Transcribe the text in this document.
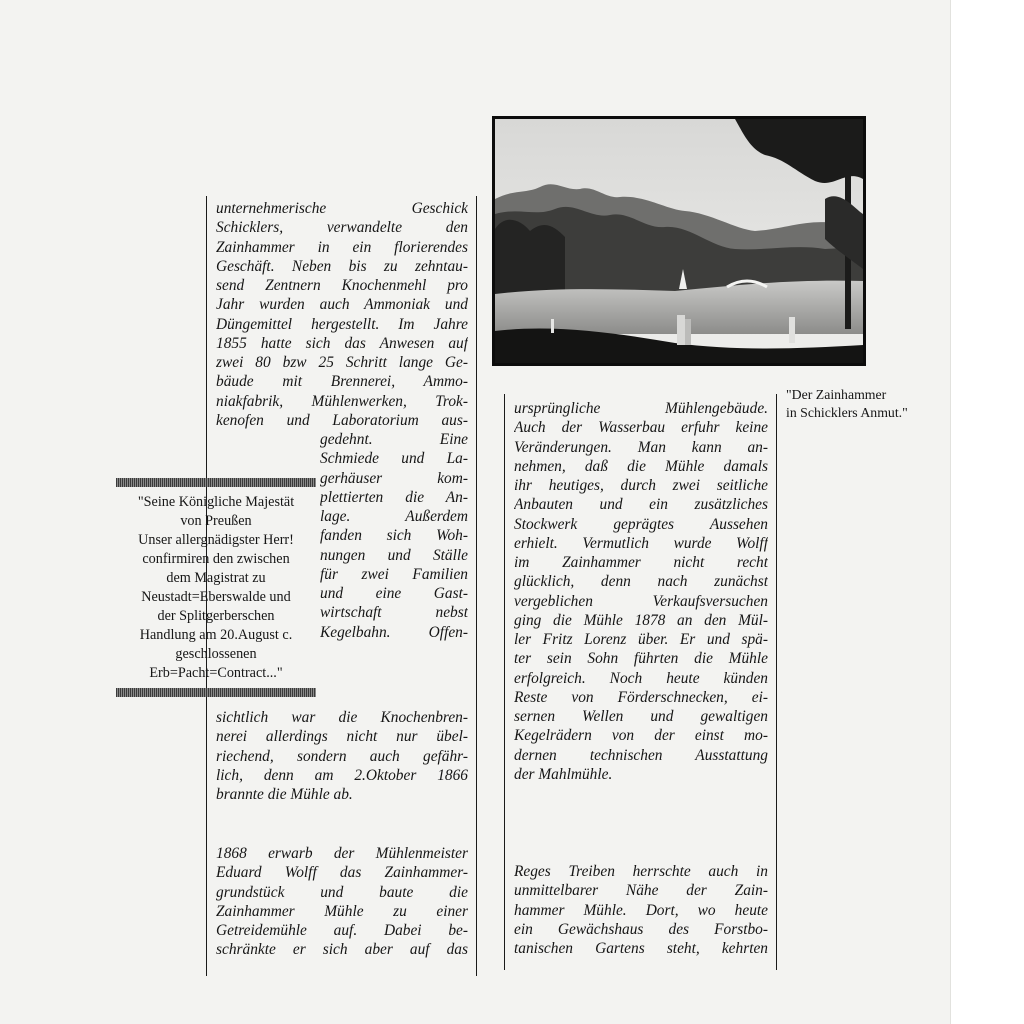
unternehmerische Geschick
Schicklers, verwandelte den
Zainhammer in ein florierendes
Geschäft. Neben bis zu zehntau-
send Zentnern Knochenmehl pro
Jahr wurden auch Ammoniak und
Düngemittel hergestellt. Im Jahre
1855 hatte sich das Anwesen auf
zwei 80 bzw 25 Schritt lange Ge-
bäude mit Brennerei, Ammo-
niakfabrik, Mühlenwerken, Trok-
kenofen und Laboratorium aus-
gedehnt. Eine
Schmiede und La-
gerhäuser kom-
plettierten die An-
lage. Außerdem
fanden sich Woh-
nungen und Ställe
für zwei Familien
und eine Gast-
wirtschaft nebst
Kegelbahn. Offen-
sichtlich war die Knochenbren-
nerei allerdings nicht nur übel-
riechend, sondern auch gefähr-
lich, denn am 2.Oktober 1866
brannte die Mühle ab.
1868 erwarb der Mühlenmeister
Eduard Wolff das Zainhammer-
grundstück und baute die
Zainhammer Mühle zu einer
Getreidemühle auf. Dabei be-
schränkte er sich aber auf das
"Seine Königliche Majestät
von Preußen
Unser allergnädigster Herr!
confirmiren den zwischen
dem Magistrat zu
Neustadt=Eberswalde und
der Splitgerberschen
Handlung am 20.August c.
geschlossenen
Erb=Pacht=Contract..."
ursprüngliche Mühlengebäude.
Auch der Wasserbau erfuhr keine
Veränderungen. Man kann an-
nehmen, daß die Mühle damals
ihr heutiges, durch zwei seitliche
Anbauten und ein zusätzliches
Stockwerk geprägtes Aussehen
erhielt. Vermutlich wurde Wolff
im Zainhammer nicht recht
glücklich, denn nach zunächst
vergeblichen Verkaufsversuchen
ging die Mühle 1878 an den Mül-
ler Fritz Lorenz über. Er und spä-
ter sein Sohn führten die Mühle
erfolgreich. Noch heute künden
Reste von Förderschnecken, ei-
sernen Wellen und gewaltigen
Kegelrädern von der einst mo-
dernen technischen Ausstattung
der Mahlmühle.
Reges Treiben herrschte auch in
unmittelbarer Nähe der Zain-
hammer Mühle. Dort, wo heute
ein Gewächshaus des Forstbo-
tanischen Gartens steht, kehrten
"Der Zainhammer
in Schicklers Anmut."
